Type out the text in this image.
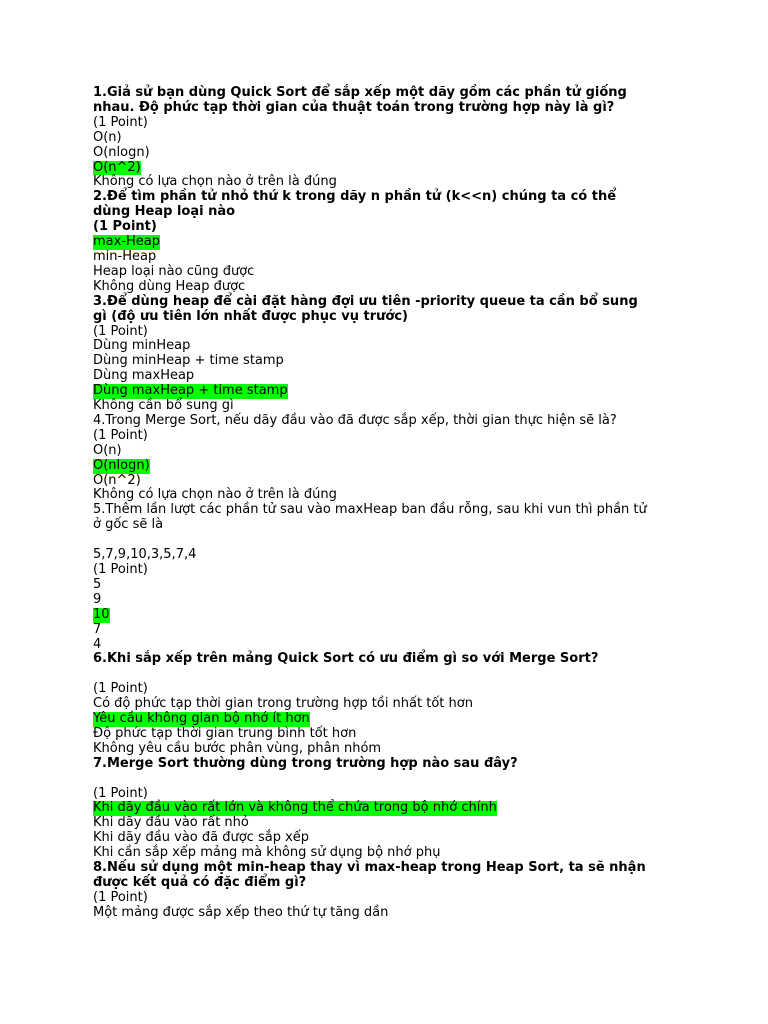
1.Giả sử bạn dùng Quick Sort để sắp xếp một dãy gồm các phần tử giống
nhau. Độ phức tạp thời gian của thuật toán trong trường hợp này là gì?
(1 Point)
O(n)
O(nlogn)
O(n^2)
Không có lựa chọn nào ở trên là đúng
2.Để tìm phần tử nhỏ thứ k trong dãy n phần tử (k<<n) chúng ta có thể
dùng Heap loại nào
(1 Point)
max-Heap
min-Heap
Heap loại nào cũng được
Không dùng Heap được
3.Để dùng heap để cài đặt hàng đợi ưu tiên -priority queue ta cần bổ sung
gì (độ ưu tiên lớn nhất được phục vụ trước)
(1 Point)
Dùng minHeap
Dùng minHeap + time stamp
Dùng maxHeap
Dùng maxHeap + time stamp
Không cần bổ sung gì
4.Trong Merge Sort, nếu dãy đầu vào đã được sắp xếp, thời gian thực hiện sẽ là?
(1 Point)
O(n)
O(nlogn)
O(n^2)
Không có lựa chọn nào ở trên là đúng
5.Thêm lần lượt các phần tử sau vào maxHeap ban đầu rỗng, sau khi vun thì phần tử
ở gốc sẽ là
5,7,9,10,3,5,7,4
(1 Point)
5
9
10
7
4
6.Khi sắp xếp trên mảng Quick Sort có ưu điểm gì so với Merge Sort?
(1 Point)
Có độ phức tạp thời gian trong trường hợp tồi nhất tốt hơn
Yêu cầu không gian bộ nhớ ít hơn
Độ phức tạp thời gian trung bình tốt hơn
Không yêu cầu bước phân vùng, phân nhóm
7.Merge Sort thường dùng trong trường hợp nào sau đây?
(1 Point)
Khi dãy đầu vào rất lớn và không thể chứa trong bộ nhớ chính
Khi dãy đầu vào rất nhỏ
Khi dãy đầu vào đã được sắp xếp
Khi cần sắp xếp mảng mà không sử dụng bộ nhớ phụ
8.Nếu sử dụng một min-heap thay vì max-heap trong Heap Sort, ta sẽ nhận
được kết quả có đặc điểm gì?
(1 Point)
Một mảng được sắp xếp theo thứ tự tăng dần
